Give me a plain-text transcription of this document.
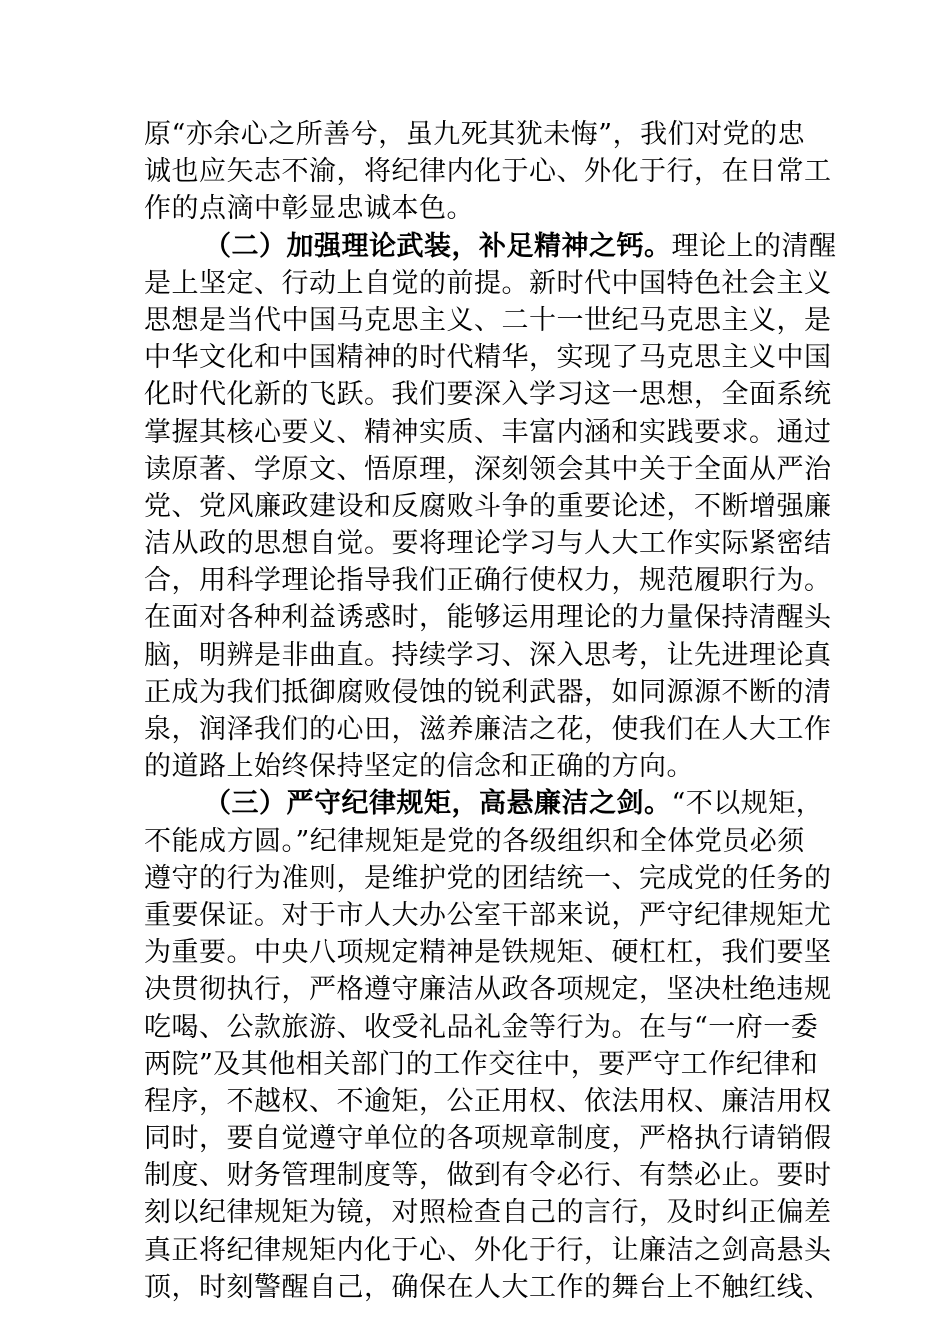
原“亦余心之所善兮，虽九死其犹未悔”，我们对党的忠
诚也应矢志不渝，将纪律内化于心、外化于行，在日常工
作的点滴中彰显忠诚本色。
（二）加强理论武装，补足精神之钙。理论上的清醒
是上坚定、行动上自觉的前提。新时代中国特色社会主义
思想是当代中国马克思主义、二十一世纪马克思主义，是
中华文化和中国精神的时代精华，实现了马克思主义中国
化时代化新的飞跃。我们要深入学习这一思想，全面系统
掌握其核心要义、精神实质、丰富内涵和实践要求。通过
读原著、学原文、悟原理，深刻领会其中关于全面从严治
党、党风廉政建设和反腐败斗争的重要论述，不断增强廉
洁从政的思想自觉。要将理论学习与人大工作实际紧密结
合，用科学理论指导我们正确行使权力，规范履职行为。
在面对各种利益诱惑时，能够运用理论的力量保持清醒头
脑，明辨是非曲直。持续学习、深入思考，让先进理论真
正成为我们抵御腐败侵蚀的锐利武器，如同源源不断的清
泉，润泽我们的心田，滋养廉洁之花，使我们在人大工作
的道路上始终保持坚定的信念和正确的方向。
（三）严守纪律规矩，高悬廉洁之剑。“不以规矩，
不能成方圆。”纪律规矩是党的各级组织和全体党员必须
遵守的行为准则，是维护党的团结统一、完成党的任务的
重要保证。对于市人大办公室干部来说，严守纪律规矩尤
为重要。中央八项规定精神是铁规矩、硬杠杠，我们要坚
决贯彻执行，严格遵守廉洁从政各项规定，坚决杜绝违规
吃喝、公款旅游、收受礼品礼金等行为。在与“一府一委
两院”及其他相关部门的工作交往中，要严守工作纪律和
程序，不越权、不逾矩，公正用权、依法用权、廉洁用权
同时，要自觉遵守单位的各项规章制度，严格执行请销假
制度、财务管理制度等，做到有令必行、有禁必止。要时
刻以纪律规矩为镜，对照检查自己的言行，及时纠正偏差
真正将纪律规矩内化于心、外化于行，让廉洁之剑高悬头
顶，时刻警醒自己，确保在人大工作的舞台上不触红线、
